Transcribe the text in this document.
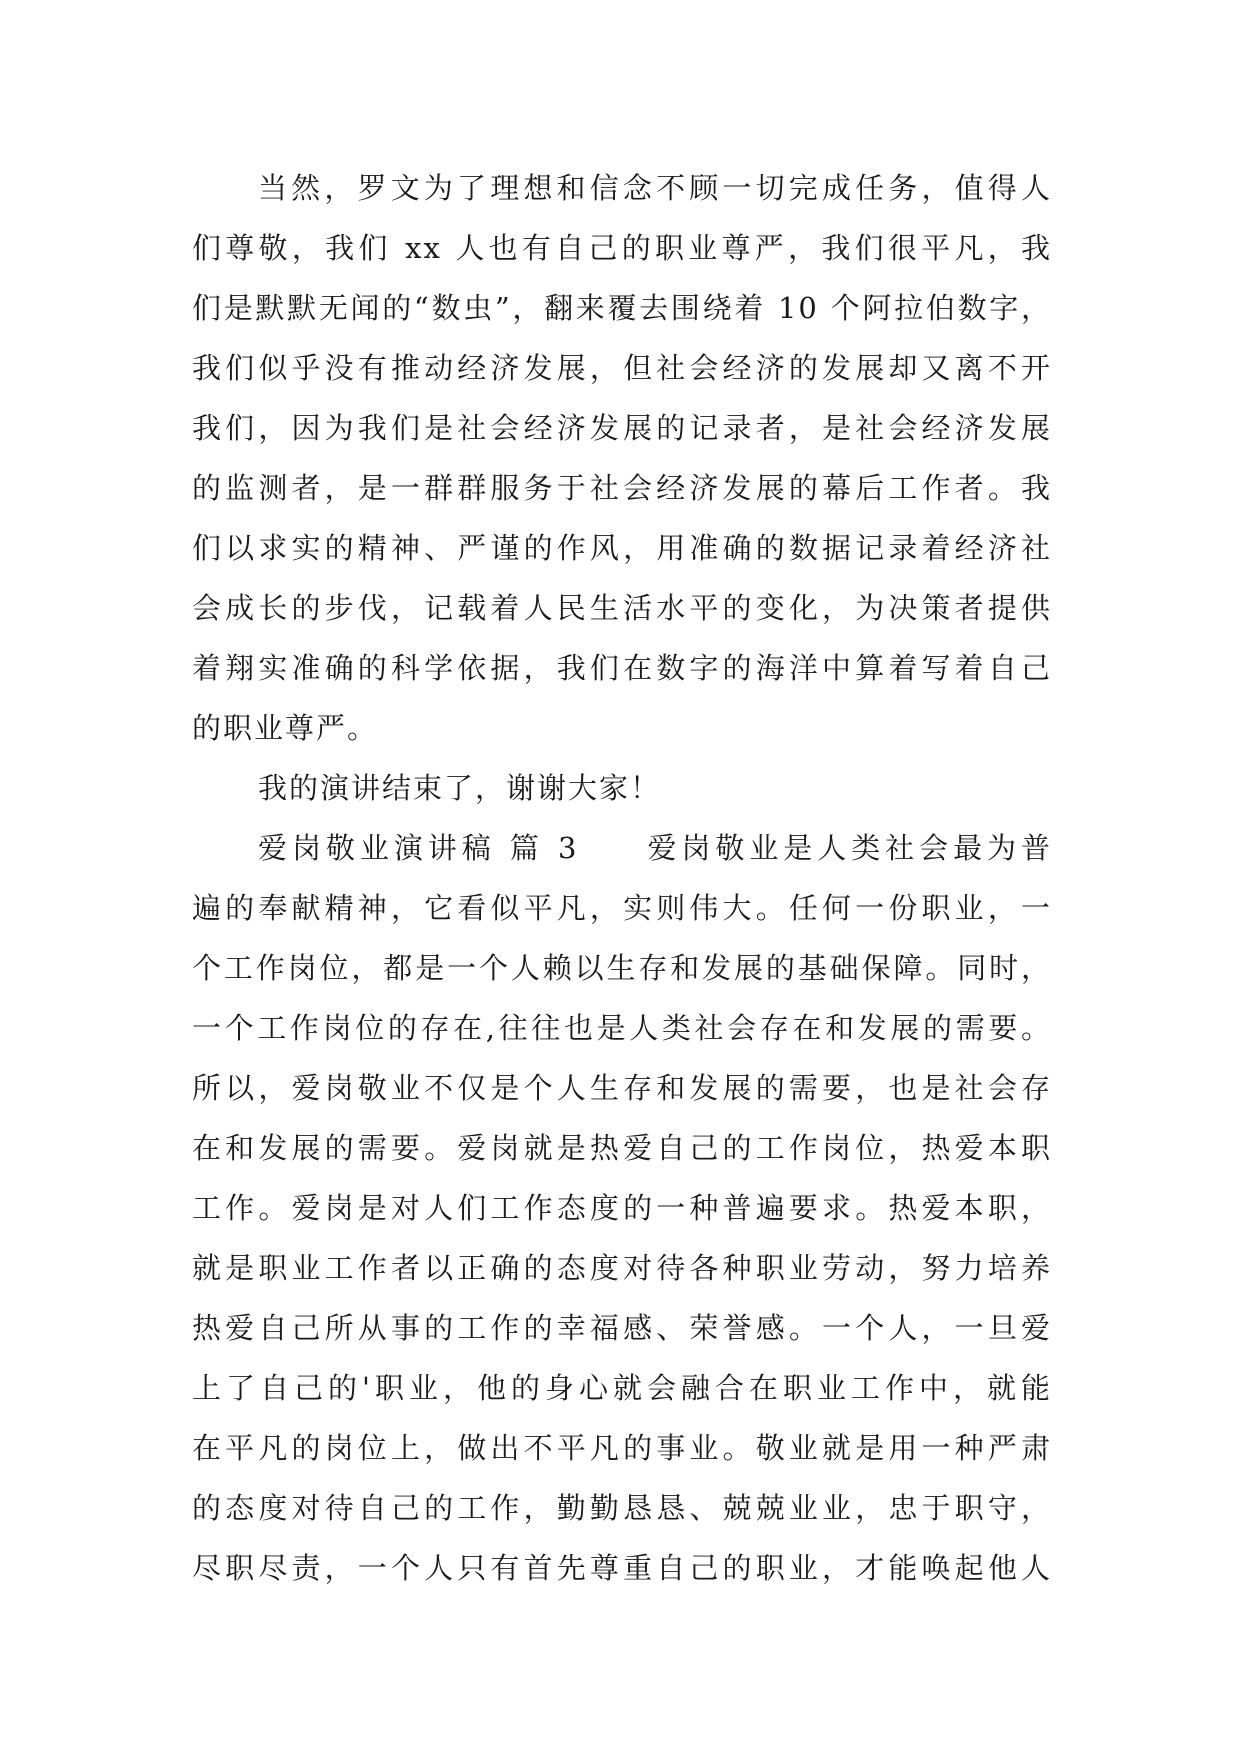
当然，罗文为了理想和信念不顾一切完成任务，值得人
们尊敬，我们 xx 人也有自己的职业尊严，我们很平凡，我
们是默默无闻的“数虫”，翻来覆去围绕着 10 个阿拉伯数字，
我们似乎没有推动经济发展，但社会经济的发展却又离不开
我们，因为我们是社会经济发展的记录者，是社会经济发展
的监测者，是一群群服务于社会经济发展的幕后工作者。我
们以求实的精神、严谨的作风，用准确的数据记录着经济社
会成长的步伐，记载着人民生活水平的变化，为决策者提供
着翔实准确的科学依据，我们在数字的海洋中算着写着自己
的职业尊严。
我的演讲结束了，谢谢大家！
爱岗敬业演讲稿 篇 3 爱岗敬业是人类社会最为普
遍的奉献精神，它看似平凡，实则伟大。任何一份职业，一
个工作岗位，都是一个人赖以生存和发展的基础保障。同时，
一个工作岗位的存在,往往也是人类社会存在和发展的需要。
所以，爱岗敬业不仅是个人生存和发展的需要，也是社会存
在和发展的需要。爱岗就是热爱自己的工作岗位，热爱本职
工作。爱岗是对人们工作态度的一种普遍要求。热爱本职，
就是职业工作者以正确的态度对待各种职业劳动，努力培养
热爱自己所从事的工作的幸福感、荣誉感。一个人，一旦爱
上了自己的'职业，他的身心就会融合在职业工作中，就能
在平凡的岗位上，做出不平凡的事业。敬业就是用一种严肃
的态度对待自己的工作，勤勤恳恳、兢兢业业，忠于职守，
尽职尽责，一个人只有首先尊重自己的职业，才能唤起他人
